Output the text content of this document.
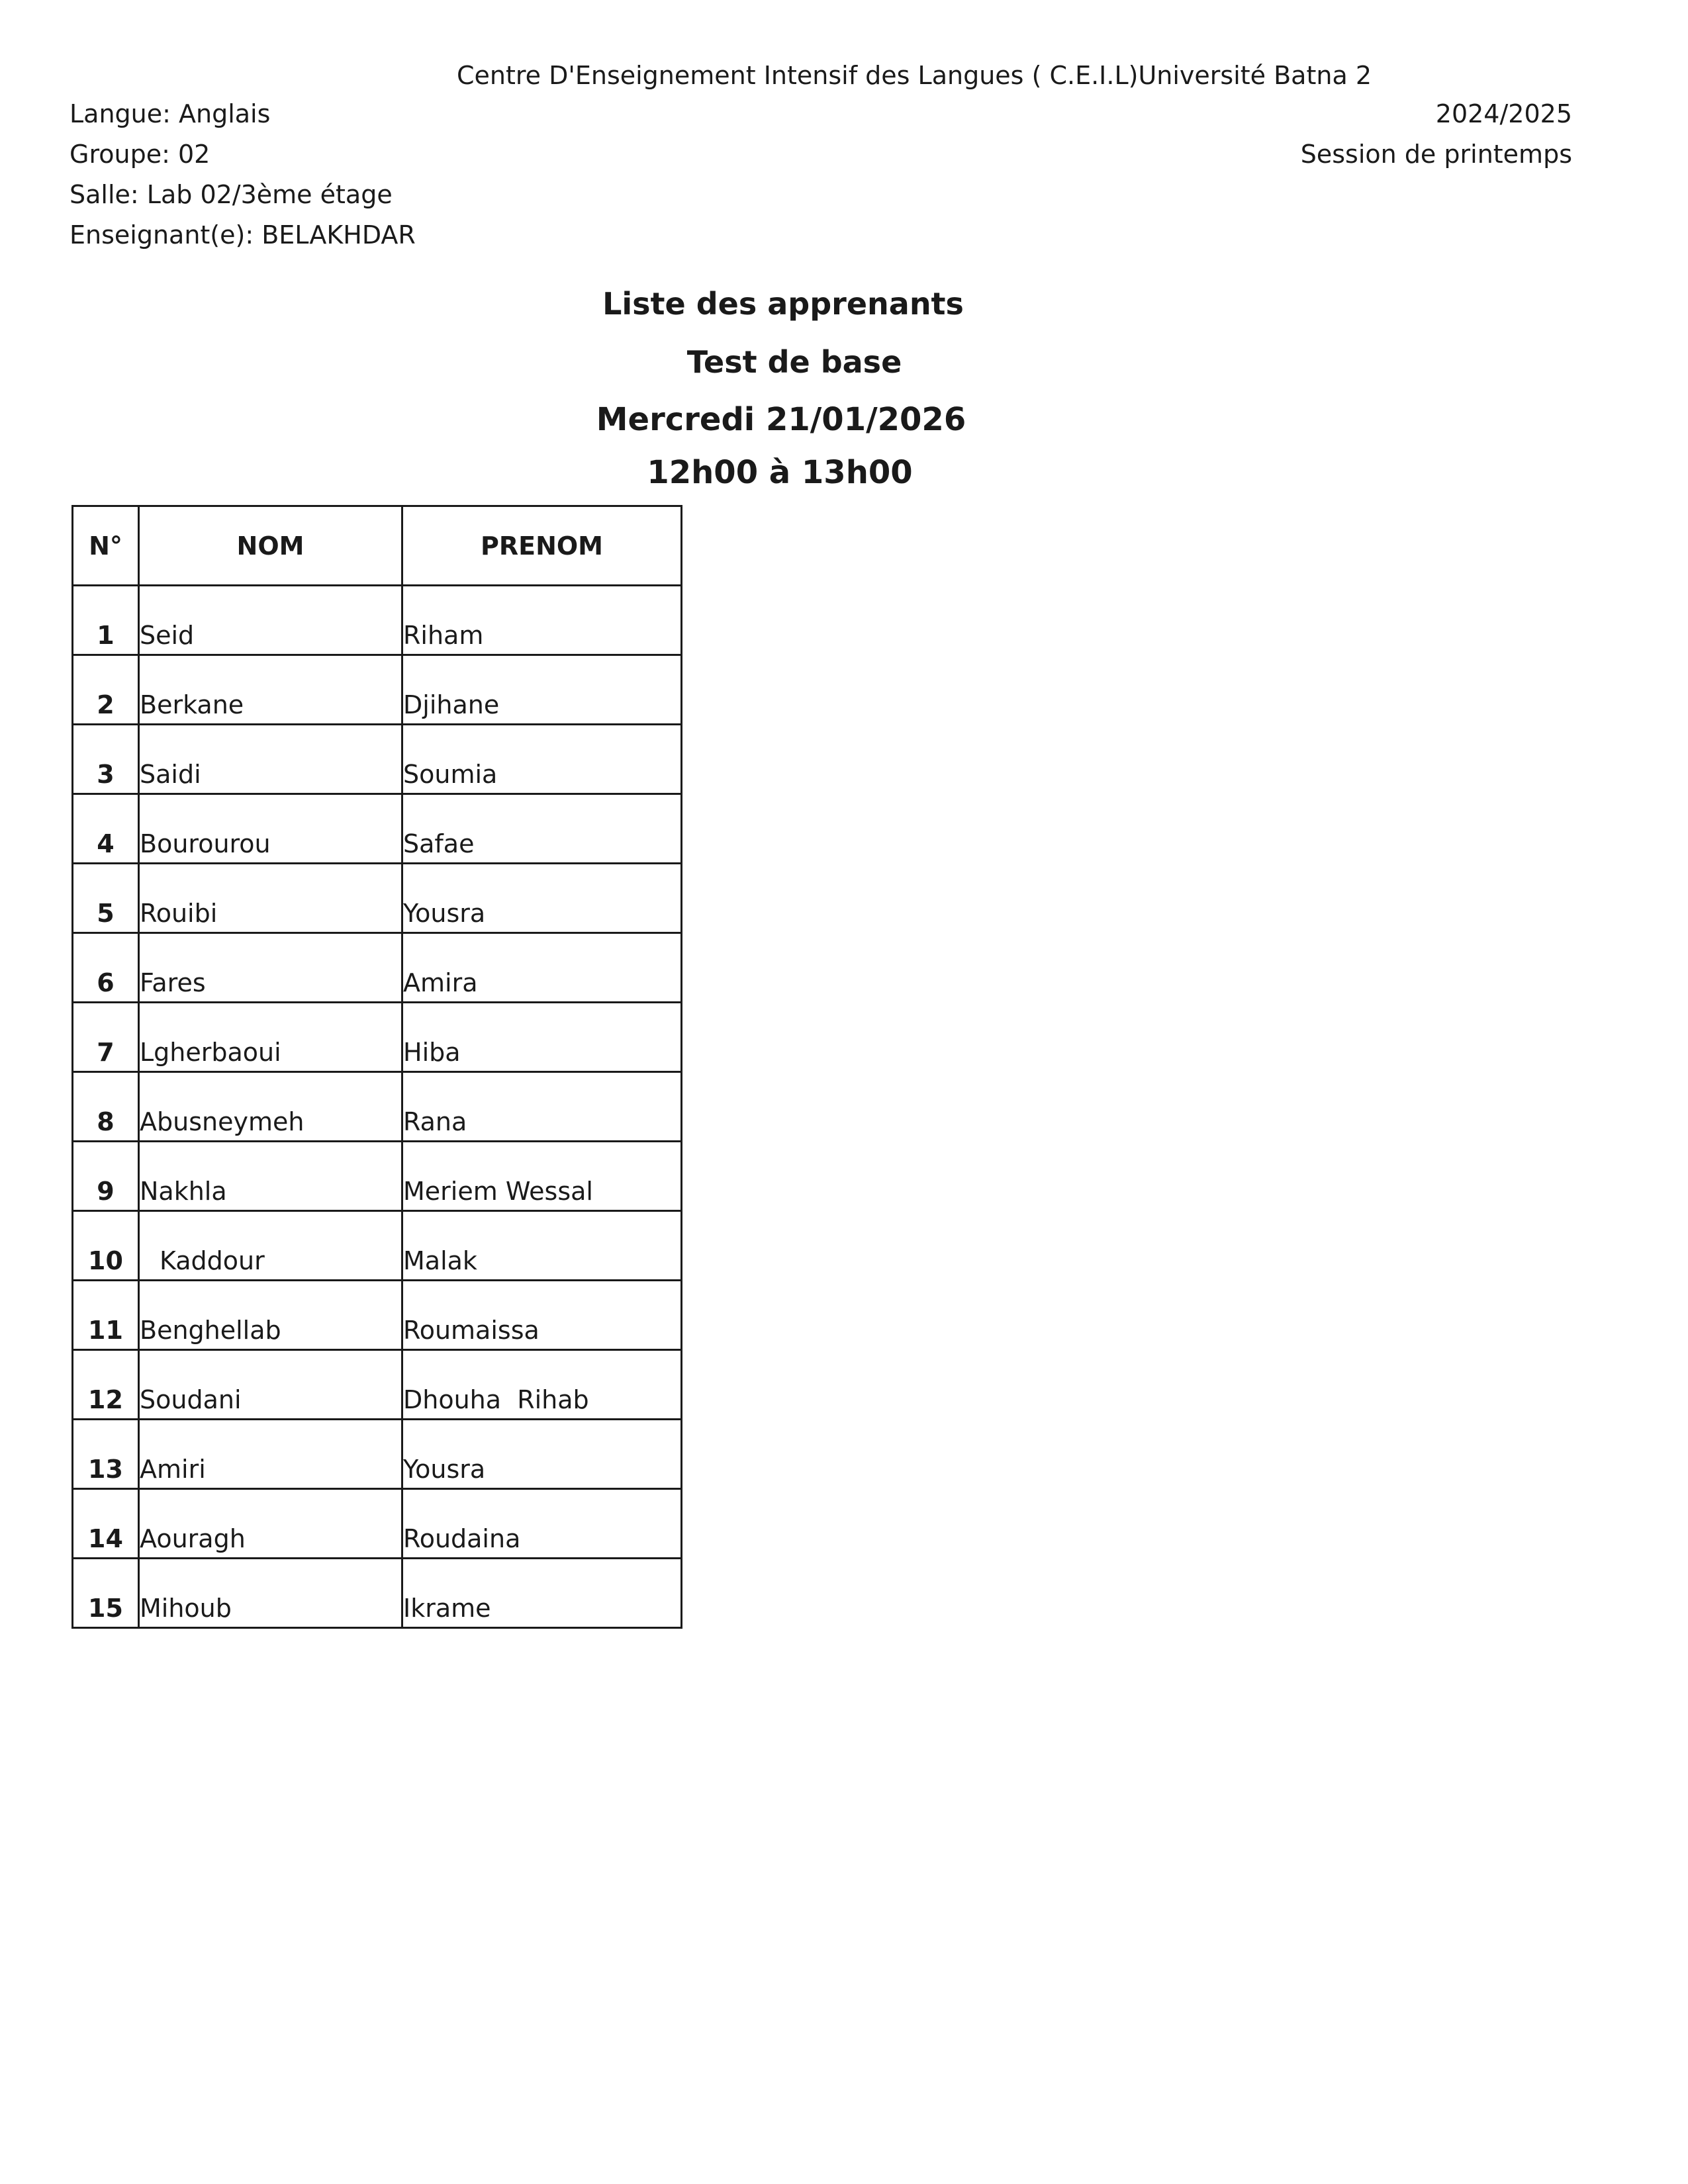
Centre D'Enseignement Intensif des Langues ( C.E.I.L)Université Batna 2
Langue: Anglais
Groupe: 02
Salle: Lab 02/3ème étage
Enseignant(e): BELAKHDAR
2024/2025
Session de printemps
Liste des apprenants
Test de base
Mercredi 21/01/2026
12h00 à 13h00
N°	NOM	PRENOM
1	Seid	Riham
2	Berkane	Djihane
3	Saidi	Soumia
4	Bourourou	Safae
5	Rouibi	Yousra
6	Fares	Amira
7	Lgherbaoui	Hiba
8	Abusneymeh	Rana
9	Nakhla	Meriem Wessal
10	Kaddour	Malak
11	Benghellab	Roumaissa
12	Soudani	Dhouha  Rihab
13	Amiri	Yousra
14	Aouragh	Roudaina
15	Mihoub	Ikrame
